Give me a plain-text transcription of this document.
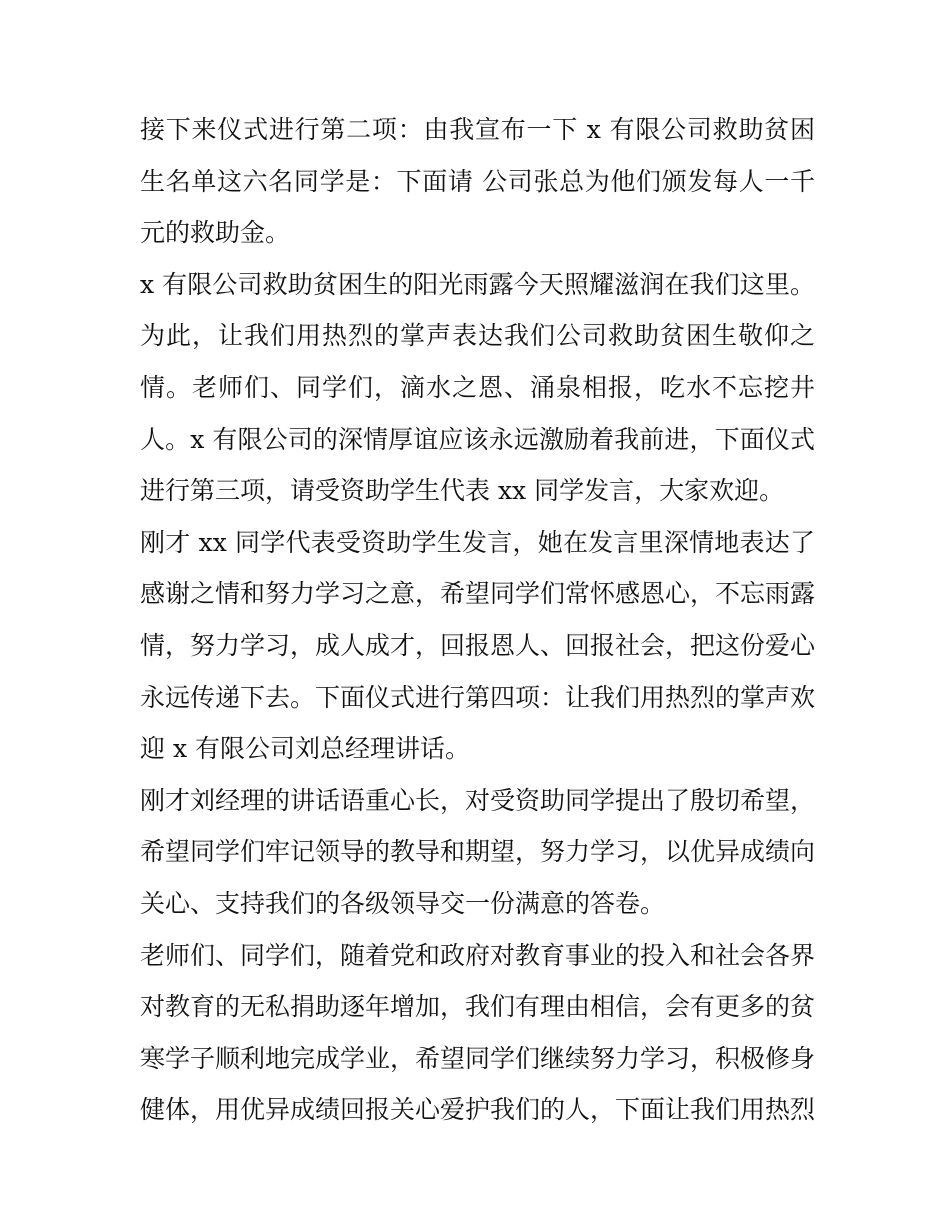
接下来仪式进行第二项：由我宣布一下 x 有限公司救助贫困生名单这六名同学是：下面请 公司张总为他们颁发每人一千元的救助金。

x 有限公司救助贫困生的阳光雨露今天照耀滋润在我们这里。为此，让我们用热烈的掌声表达我们公司救助贫困生敬仰之情。老师们、同学们，滴水之恩、涌泉相报，吃水不忘挖井人。x 有限公司的深情厚谊应该永远激励着我前进，下面仪式进行第三项，请受资助学生代表 xx 同学发言，大家欢迎。

刚才 xx 同学代表受资助学生发言，她在发言里深情地表达了感谢之情和努力学习之意，希望同学们常怀感恩心，不忘雨露情，努力学习，成人成才，回报恩人、回报社会，把这份爱心永远传递下去。下面仪式进行第四项：让我们用热烈的掌声欢迎 x 有限公司刘总经理讲话。

刚才刘经理的讲话语重心长，对受资助同学提出了殷切希望，希望同学们牢记领导的教导和期望，努力学习，以优异成绩向关心、支持我们的各级领导交一份满意的答卷。

老师们、同学们，随着党和政府对教育事业的投入和社会各界对教育的无私捐助逐年增加，我们有理由相信，会有更多的贫寒学子顺利地完成学业，希望同学们继续努力学习，积极修身健体，用优异成绩回报关心爱护我们的人，下面让我们用热烈
